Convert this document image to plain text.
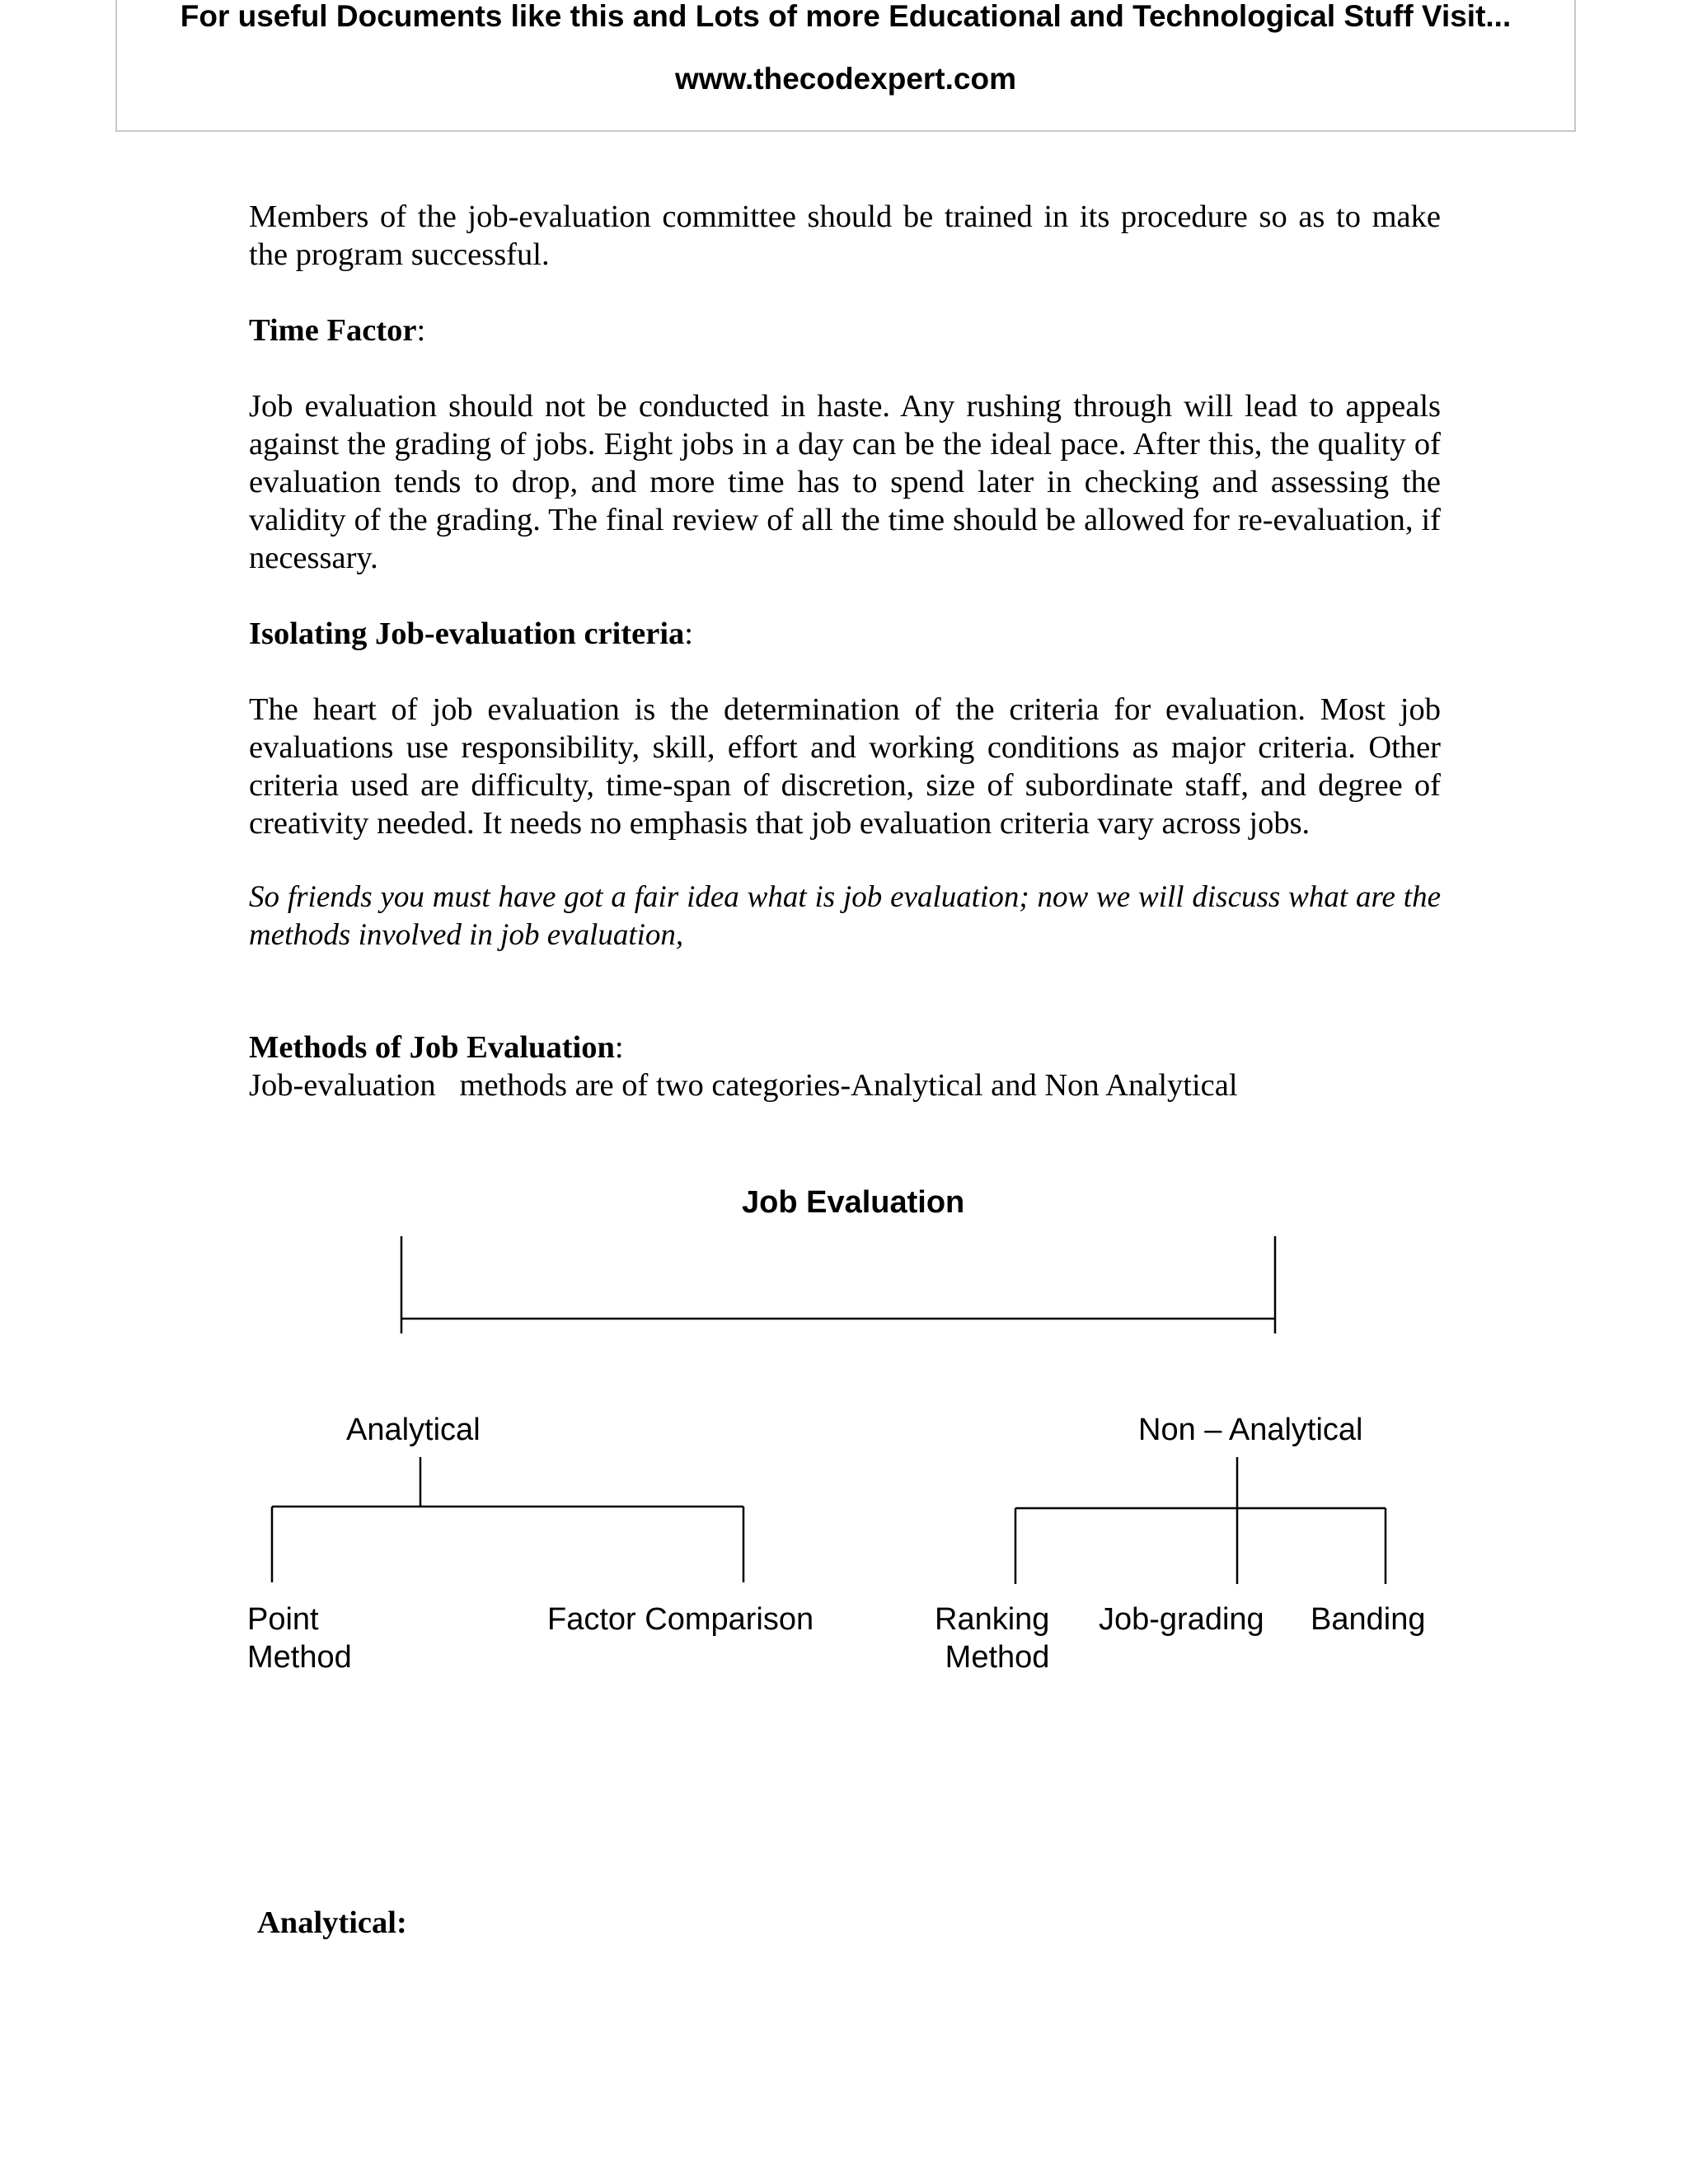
For useful Documents like this and Lots of more Educational and Technological Stuff Visit...
www.thecodexpert.com

Members of the job-evaluation committee should be trained in its procedure so as to make the program successful.

Time Factor:

Job evaluation should not be conducted in haste. Any rushing through will lead to appeals against the grading of jobs. Eight jobs in a day can be the ideal pace. After this, the quality of evaluation tends to drop, and more time has to spend later in checking and assessing the validity of the grading. The final review of all the time should be allowed for re-evaluation, if necessary.

Isolating Job-evaluation criteria:

The heart of job evaluation is the determination of the criteria for evaluation. Most job evaluations use responsibility, skill, effort and working conditions as major criteria. Other criteria used are difficulty, time-span of discretion, size of subordinate staff, and degree of creativity needed. It needs no emphasis that job evaluation criteria vary across jobs.

So friends you must have got a fair idea what is job evaluation; now we will discuss what are the methods involved in job evaluation,

Methods of Job Evaluation:

Job-evaluation   methods are of two categories-Analytical and Non Analytical

Job Evaluation
Analytical	Non – Analytical
Point
Method
Factor Comparison	Ranking
Method
Job-grading Banding

Analytical:
